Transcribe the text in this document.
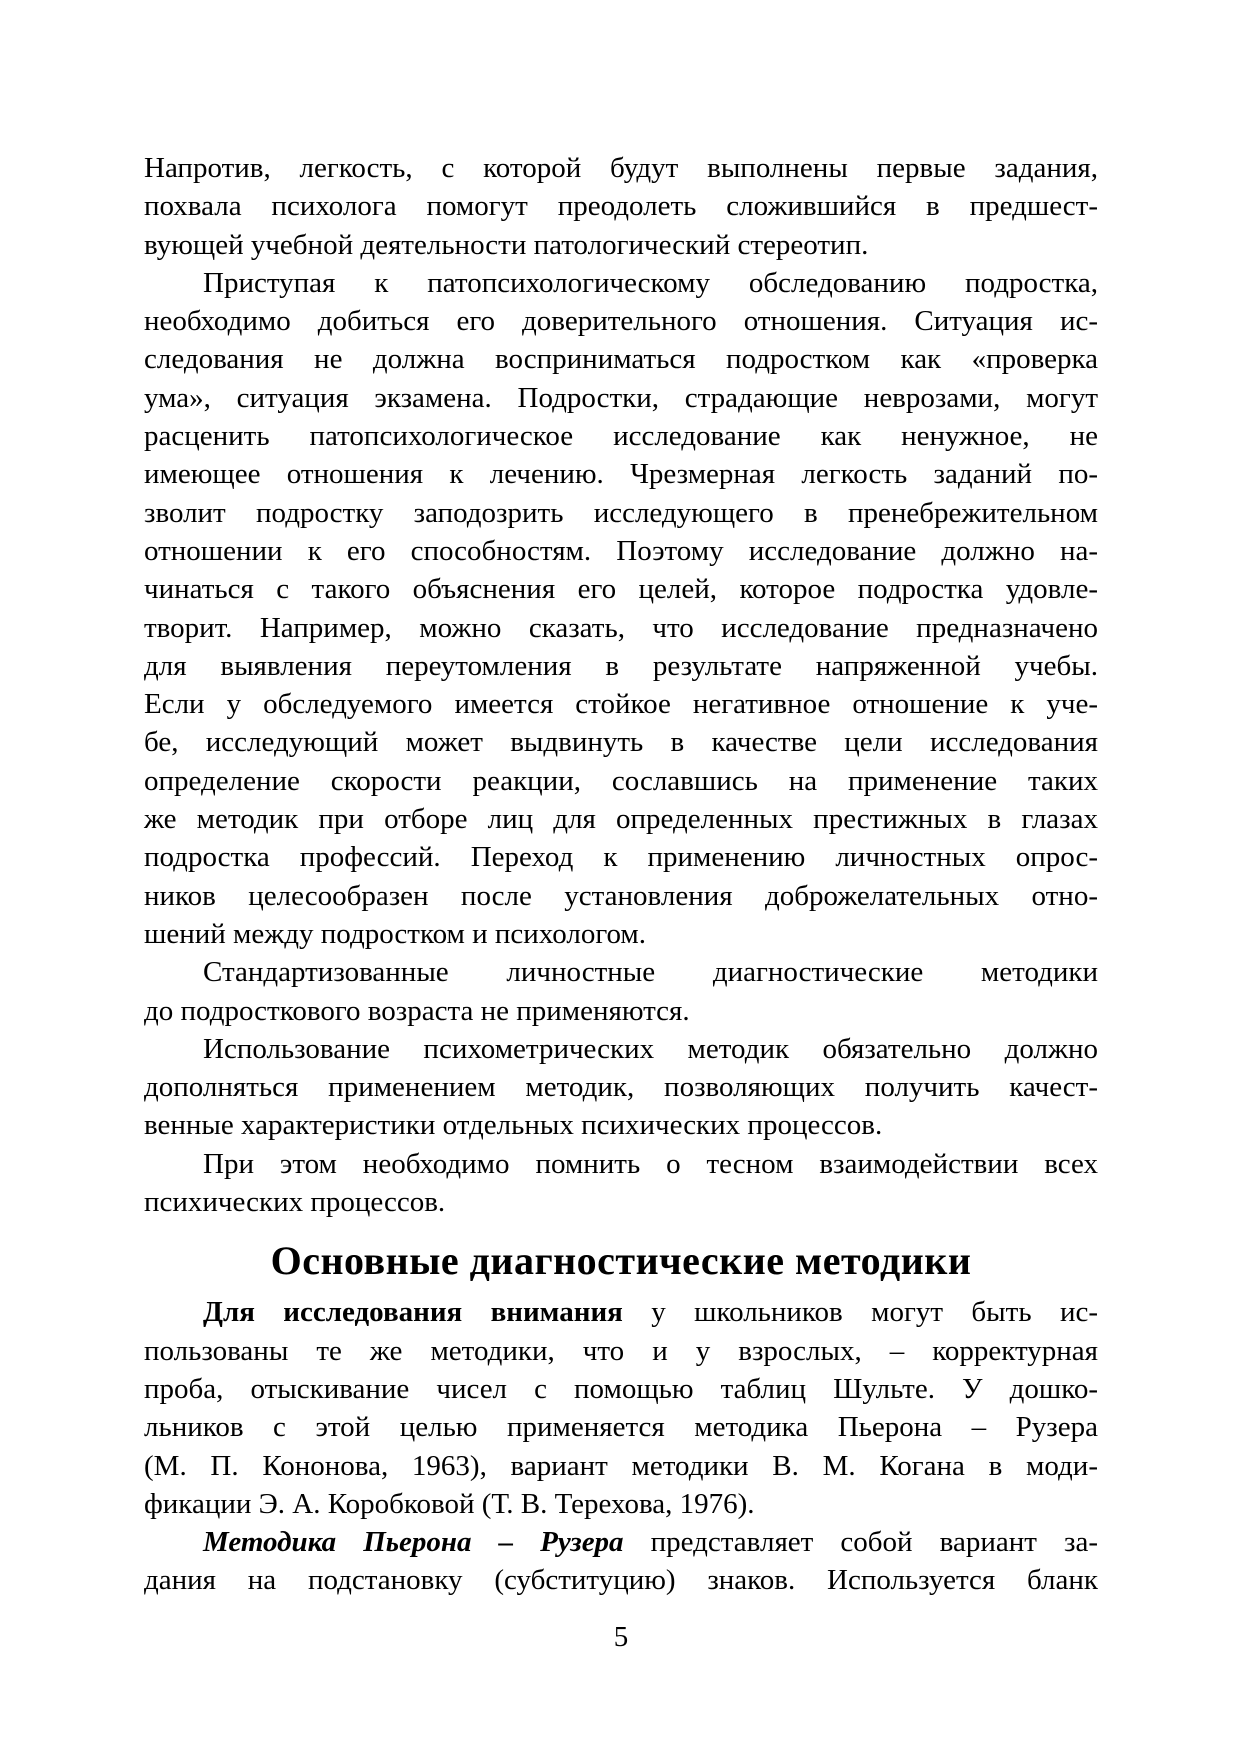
Напротив, легкость, с которой будут выполнены первые задания,
похвала психолога помогут преодолеть сложившийся в предшест-
вующей учебной деятельности патологический стереотип.
Приступая к патопсихологическому обследованию подростка,
необходимо добиться его доверительного отношения. Ситуация ис-
следования не должна восприниматься подростком как «проверка
ума», ситуация экзамена. Подростки, страдающие неврозами, могут
расценить патопсихологическое исследование как ненужное, не
имеющее отношения к лечению. Чрезмерная легкость заданий по-
зволит подростку заподозрить исследующего в пренебрежительном
отношении к его способностям. Поэтому исследование должно на-
чинаться с такого объяснения его целей, которое подростка удовле-
творит. Например, можно сказать, что исследование предназначено
для выявления переутомления в результате напряженной учебы.
Если у обследуемого имеется стойкое негативное отношение к уче-
бе, исследующий может выдвинуть в качестве цели исследования
определение скорости реакции, сославшись на применение таких
же методик при отборе лиц для определенных престижных в глазах
подростка профессий. Переход к применению личностных опрос-
ников целесообразен после установления доброжелательных отно-
шений между подростком и психологом.
Стандартизованные личностные диагностические методики
до подросткового возраста не применяются.
Использование психометрических методик обязательно должно
дополняться применением методик, позволяющих получить качест-
венные характеристики отдельных психических процессов.
При этом необходимо помнить о тесном взаимодействии всех
психических процессов.
Основные диагностические методики
Для исследования внимания у школьников могут быть ис-
пользованы те же методики, что и у взрослых, – корректурная
проба, отыскивание чисел с помощью таблиц Шульте. У дошко-
льников с этой целью применяется методика Пьерона – Рузера
(М. П. Кононова, 1963), вариант методики В. М. Когана в моди-
фикации Э. А. Коробковой (Т. В. Терехова, 1976).
Методика Пьерона – Рузера представляет собой вариант за-
дания на подстановку (субституцию) знаков. Используется бланк
5
